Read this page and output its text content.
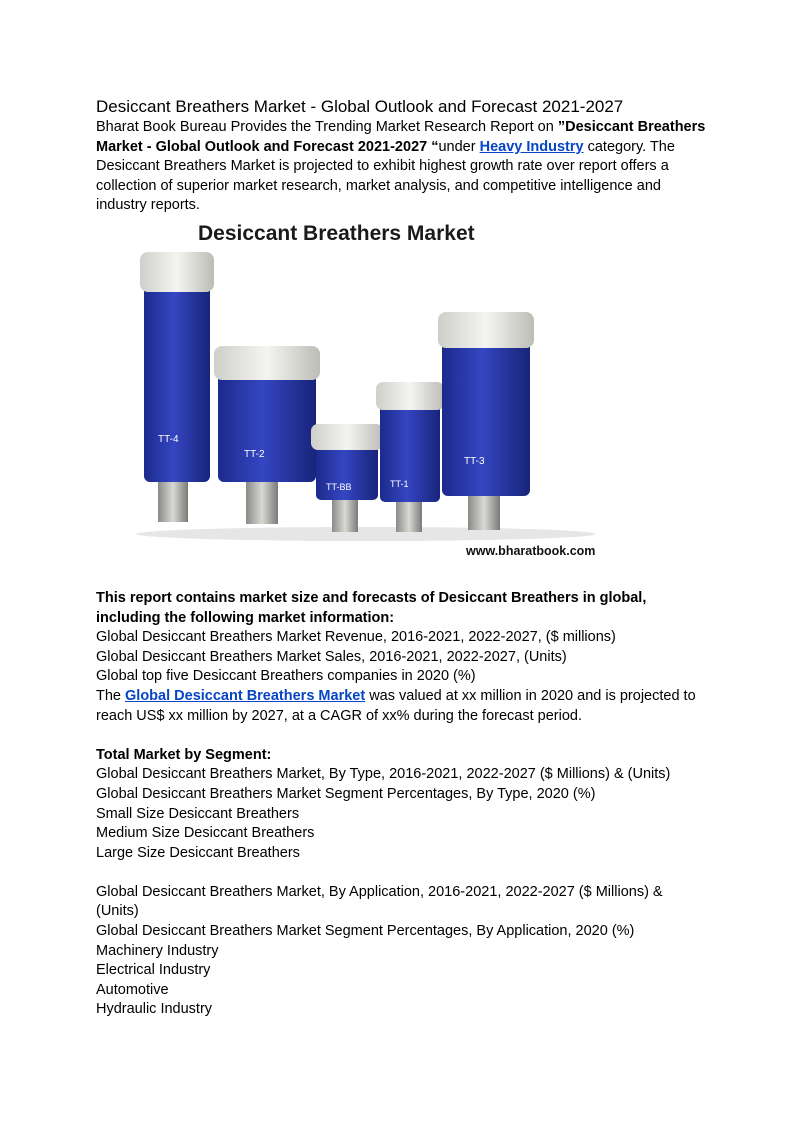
Desiccant Breathers Market - Global Outlook and Forecast 2021-2027

Bharat Book Bureau Provides the Trending Market Research Report on ”Desiccant Breathers Market - Global Outlook and Forecast 2021-2027 “under Heavy Industry category. The Desiccant Breathers Market is projected to exhibit highest growth rate over report offers a collection of superior market research, market analysis, and competitive intelligence and industry reports.

Desiccant Breathers Market
TT-4
TT-2
TT-BB	TT-1
TT-3
www.bharatbook.com

This report contains market size and forecasts of Desiccant Breathers in global, including the following market information:

Global Desiccant Breathers Market Revenue, 2016-2021, 2022-2027, ($ millions)

Global Desiccant Breathers Market Sales, 2016-2021, 2022-2027, (Units)

Global top five Desiccant Breathers companies in 2020 (%)

The Global Desiccant Breathers Market was valued at xx million in 2020 and is projected to reach US$ xx million by 2027, at a CAGR of xx% during the forecast period.

Total Market by Segment:

Global Desiccant Breathers Market, By Type, 2016-2021, 2022-2027 ($ Millions) & (Units)

Global Desiccant Breathers Market Segment Percentages, By Type, 2020 (%)

Small Size Desiccant Breathers

Medium Size Desiccant Breathers

Large Size Desiccant Breathers

Global Desiccant Breathers Market, By Application, 2016-2021, 2022-2027 ($ Millions) & (Units)

Global Desiccant Breathers Market Segment Percentages, By Application, 2020 (%)

Machinery Industry

Electrical Industry

Automotive

Hydraulic Industry
